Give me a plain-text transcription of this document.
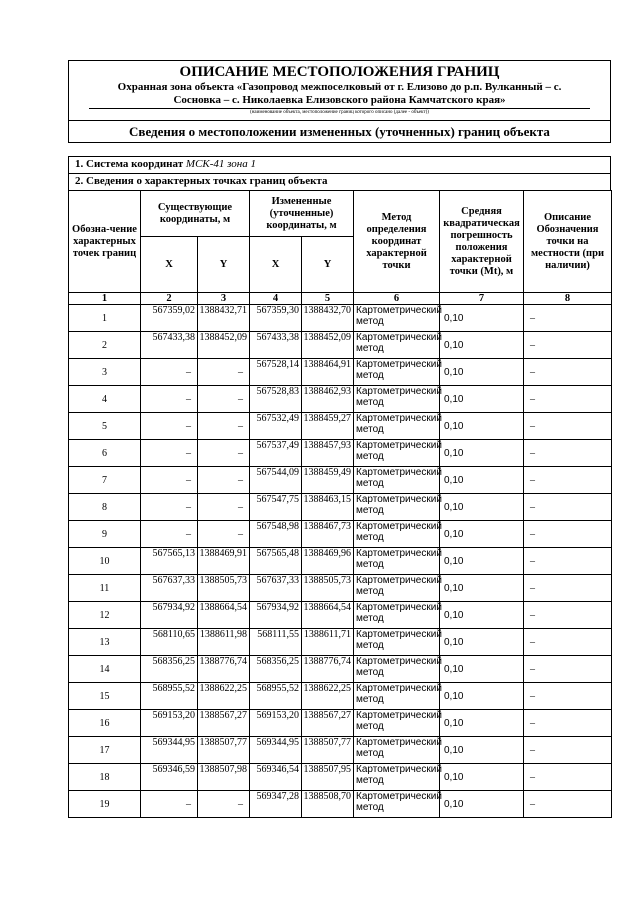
ОПИСАНИЕ МЕСТОПОЛОЖЕНИЯ ГРАНИЦ
Охранная зона объекта «Газопровод межпоселковый от г. Елизово до р.п. Вулканный – с.
Сосновка – с. Николаевка Елизовского района Камчатского края»
(наименование объекта, местоположение границ которого описано (далее - объект))
Сведения о местоположении измененных (уточненных) границ объекта
1. Система координат МСК-41 зона 1
2. Сведения о характерных точках границ объекта
Обозна-чение характерных точек границ	Существующие координаты, м		Измененные (уточненные) координаты, м		Метод определения координат характерной точки	Средняя квадратическая погрешность положения характерной точки (Mt), м	Описание Обозначения точки на местности (при наличии)
	X	Y	X	Y			
1	2	3	4	5	6	7	8
1	567359,02	1388432,71	567359,30	1388432,70	Картометрический метод	0,10	–
2	567433,38	1388452,09	567433,38	1388452,09	Картометрический метод	0,10	–
3	–	–	567528,14	1388464,91	Картометрический метод	0,10	–
4	–	–	567528,83	1388462,93	Картометрический метод	0,10	–
5	–	–	567532,49	1388459,27	Картометрический метод	0,10	–
6	–	–	567537,49	1388457,93	Картометрический метод	0,10	–
7	–	–	567544,09	1388459,49	Картометрический метод	0,10	–
8	–	–	567547,75	1388463,15	Картометрический метод	0,10	–
9	–	–	567548,98	1388467,73	Картометрический метод	0,10	–
10	567565,13	1388469,91	567565,48	1388469,96	Картометрический метод	0,10	–
11	567637,33	1388505,73	567637,33	1388505,73	Картометрический метод	0,10	–
12	567934,92	1388664,54	567934,92	1388664,54	Картометрический метод	0,10	–
13	568110,65	1388611,98	568111,55	1388611,71	Картометрический метод	0,10	–
14	568356,25	1388776,74	568356,25	1388776,74	Картометрический метод	0,10	–
15	568955,52	1388622,25	568955,52	1388622,25	Картометрический метод	0,10	–
16	569153,20	1388567,27	569153,20	1388567,27	Картометрический метод	0,10	–
17	569344,95	1388507,77	569344,95	1388507,77	Картометрический метод	0,10	–
18	569346,59	1388507,98	569346,54	1388507,95	Картометрический метод	0,10	–
19	–	–	569347,28	1388508,70	Картометрический метод	0,10	–
